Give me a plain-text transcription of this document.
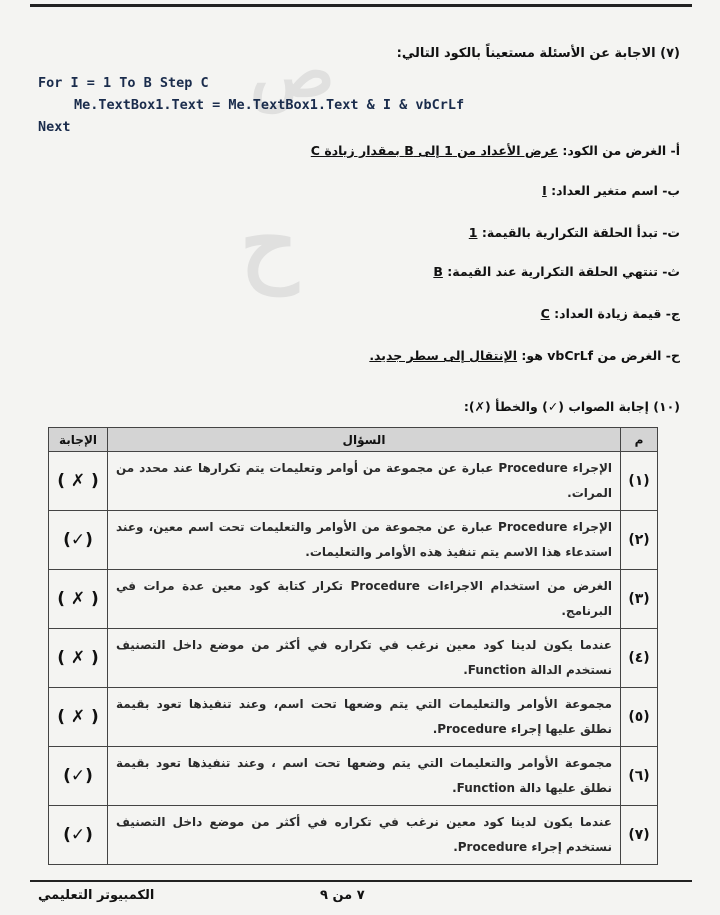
ص
ح
(٧) الاجابة عن الأسئلة مستعيناً بالكود التالي:
For I = 1 To B Step C
Me.TextBox1.Text = Me.TextBox1.Text & I & vbCrLf
Next
أ- الغرض من الكود: عرض الأعداد من 1 إلى B بمقدار زيادة C
ب- اسم متغير العداد: I
ت- تبدأ الحلقة التكرارية بالقيمة: 1
ث- تنتهي الحلقة التكرارية عند القيمة: B
ج- قيمة زيادة العداد: C
ح- الغرض من vbCrLf هو: الإنتقال إلى سطر جديد.
(١٠) إجابة الصواب (✓) والخطأ (✗):
م	السؤال	الإجابة
(١)	الإجراء Procedure عبارة عن مجموعة من أوامر وتعليمات يتم تكرارها عند محدد من المرات.	( ✗ )
(٢)	الإجراء Procedure عبارة عن مجموعة من الأوامر والتعليمات تحت اسم معين، وعند استدعاء هذا الاسم يتم تنفيذ هذه الأوامر والتعليمات.	(✓)
(٣)	الغرض من استخدام الاجراءات Procedure تكرار كتابة كود معين عدة مرات في البرنامج.	( ✗ )
(٤)	عندما يكون لدينا كود معين نرغب في تكراره في أكثر من موضع داخل التصنيف نستخدم الدالة Function.	( ✗ )
(٥)	مجموعة الأوامر والتعليمات التي يتم وضعها تحت اسم، وعند تنفيذها تعود بقيمة نطلق عليها إجراء Procedure.	( ✗ )
(٦)	مجموعة الأوامر والتعليمات التي يتم وضعها تحت اسم ، وعند تنفيذها تعود بقيمة نطلق عليها دالة Function.	(✓)
(٧)	عندما يكون لدينا كود معين نرغب في تكراره في أكثر من موضع داخل التصنيف نستخدم إجراء Procedure.	(✓)
٧ من ٩
الكمبيوتر التعليمي
